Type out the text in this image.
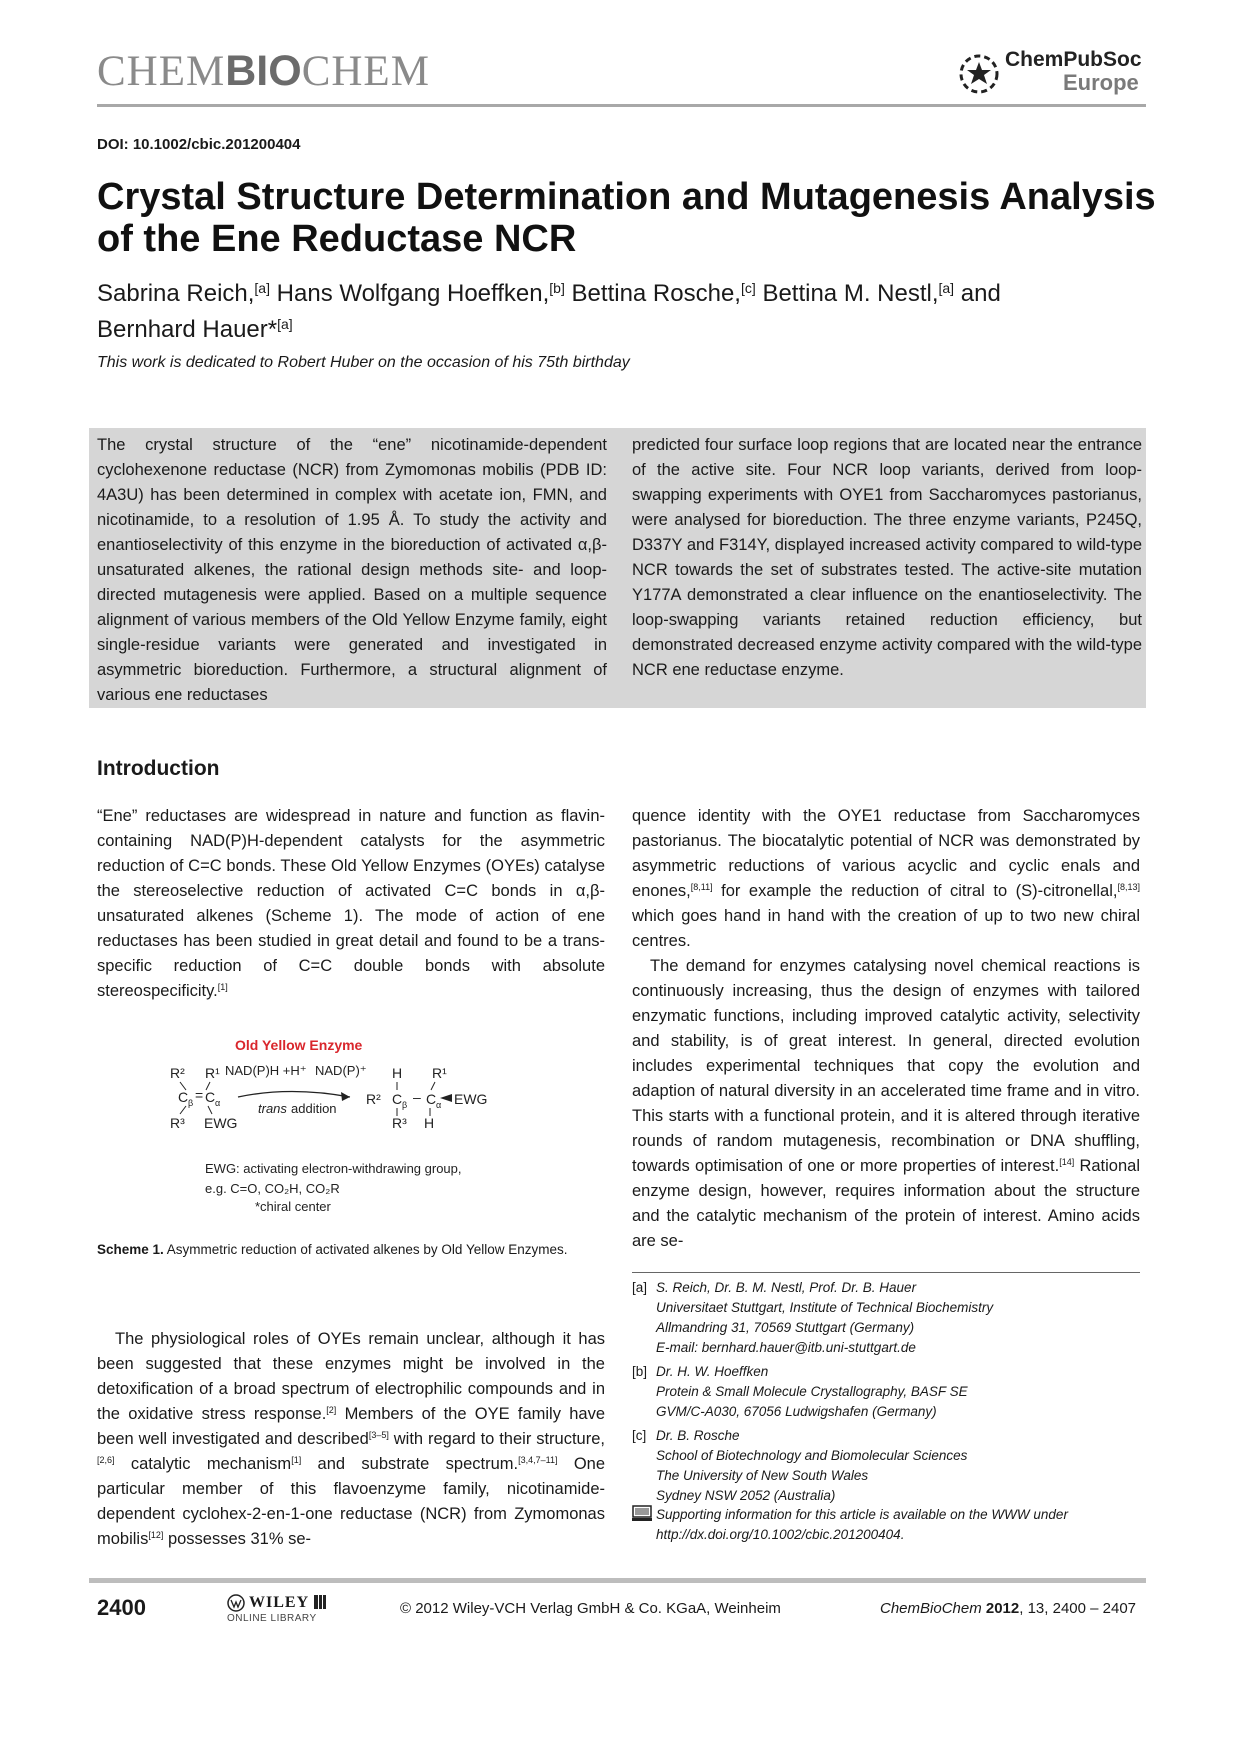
CHEMBIOCHEM	ChemPubSoc
Europe
DOI: 10.1002/cbic.201200404
Crystal Structure Determination and Mutagenesis Analysis of the Ene Reductase NCR
Sabrina Reich,[a] Hans Wolfgang Hoeffken,[b] Bettina Rosche,[c] Bettina M. Nestl,[a] and Bernhard Hauer*[a]
This work is dedicated to Robert Huber on the occasion of his 75th birthday
The crystal structure of the “ene” nicotinamide-dependent cyclohexenone reductase (NCR) from Zymomonas mobilis (PDB ID: 4A3U) has been determined in complex with acetate ion, FMN, and nicotinamide, to a resolution of 1.95 Å. To study the activity and enantioselectivity of this enzyme in the bioreduction of activated α,β-unsaturated alkenes, the rational design methods site- and loop-directed mutagenesis were applied. Based on a multiple sequence alignment of various members of the Old Yellow Enzyme family, eight single-residue variants were generated and investigated in asymmetric bioreduction. Furthermore, a structural alignment of various ene reductases
predicted four surface loop regions that are located near the entrance of the active site. Four NCR loop variants, derived from loop-swapping experiments with OYE1 from Saccharomyces pastorianus, were analysed for bioreduction. The three enzyme variants, P245Q, D337Y and F314Y, displayed increased activity compared to wild-type NCR towards the set of substrates tested. The active-site mutation Y177A demonstrated a clear influence on the enantioselectivity. The loop-swapping variants retained reduction efficiency, but demonstrated decreased enzyme activity compared with the wild-type NCR ene reductase enzyme.
Introduction
“Ene” reductases are widespread in nature and function as flavin-containing NAD(P)H-dependent catalysts for the asymmetric reduction of C=C bonds. These Old Yellow Enzymes (OYEs) catalyse the stereoselective reduction of activated C=C bonds in α,β-unsaturated alkenes (Scheme 1). The mode of action of ene reductases has been studied in great detail and found to be a trans-specific reduction of C=C double bonds with absolute stereospecificity.[1]
R² R¹
C β = C α
R³ EWG
Old Yellow Enzyme
NAD(P)H +H⁺ NAD(P)⁺
trans addition
H R¹
R² C β – C α EWG
R³ H
EWG: activating electron-withdrawing group,
e.g. C=O, CO₂H, CO₂R
*chiral center
Scheme 1. Asymmetric reduction of activated alkenes by Old Yellow Enzymes.
The physiological roles of OYEs remain unclear, although it has been suggested that these enzymes might be involved in the detoxification of a broad spectrum of electrophilic compounds and in the oxidative stress response.[2] Members of the OYE family have been well investigated and described[3–5] with regard to their structure,[2,6] catalytic mechanism[1] and substrate spectrum.[3,4,7–11] One particular member of this flavoenzyme family, nicotinamide-dependent cyclohex-2-en-1-one reductase (NCR) from Zymomonas mobilis[12] possesses 31% se-
quence identity with the OYE1 reductase from Saccharomyces pastorianus. The biocatalytic potential of NCR was demonstrated by asymmetric reductions of various acyclic and cyclic enals and enones,[8,11] for example the reduction of citral to (S)-citronellal,[8,13] which goes hand in hand with the creation of up to two new chiral centres.
The demand for enzymes catalysing novel chemical reactions is continuously increasing, thus the design of enzymes with tailored enzymatic functions, including improved catalytic activity, selectivity and stability, is of great interest. In general, directed evolution includes experimental techniques that copy the evolution and adaption of natural diversity in an accelerated time frame and in vitro. This starts with a functional protein, and it is altered through iterative rounds of random mutagenesis, recombination or DNA shuffling, towards optimisation of one or more properties of interest.[14] Rational enzyme design, however, requires information about the structure and the catalytic mechanism of the protein of interest. Amino acids are se-
[a] S. Reich, Dr. B. M. Nestl, Prof. Dr. B. Hauer
Universitaet Stuttgart, Institute of Technical Biochemistry
Allmandring 31, 70569 Stuttgart (Germany)
E-mail: bernhard.hauer@itb.uni-stuttgart.de
[b] Dr. H. W. Hoeffken
Protein & Small Molecule Crystallography, BASF SE
GVM/C-A030, 67056 Ludwigshafen (Germany)
[c] Dr. B. Rosche
School of Biotechnology and Biomolecular Sciences
The University of New South Wales
Sydney NSW 2052 (Australia)
Supporting information for this article is available on the WWW under
http://dx.doi.org/10.1002/cbic.201200404.
2400	WILEY
ONLINE LIBRARY
© 2012 Wiley-VCH Verlag GmbH & Co. KGaA, Weinheim	ChemBioChem 2012, 13, 2400 – 2407
